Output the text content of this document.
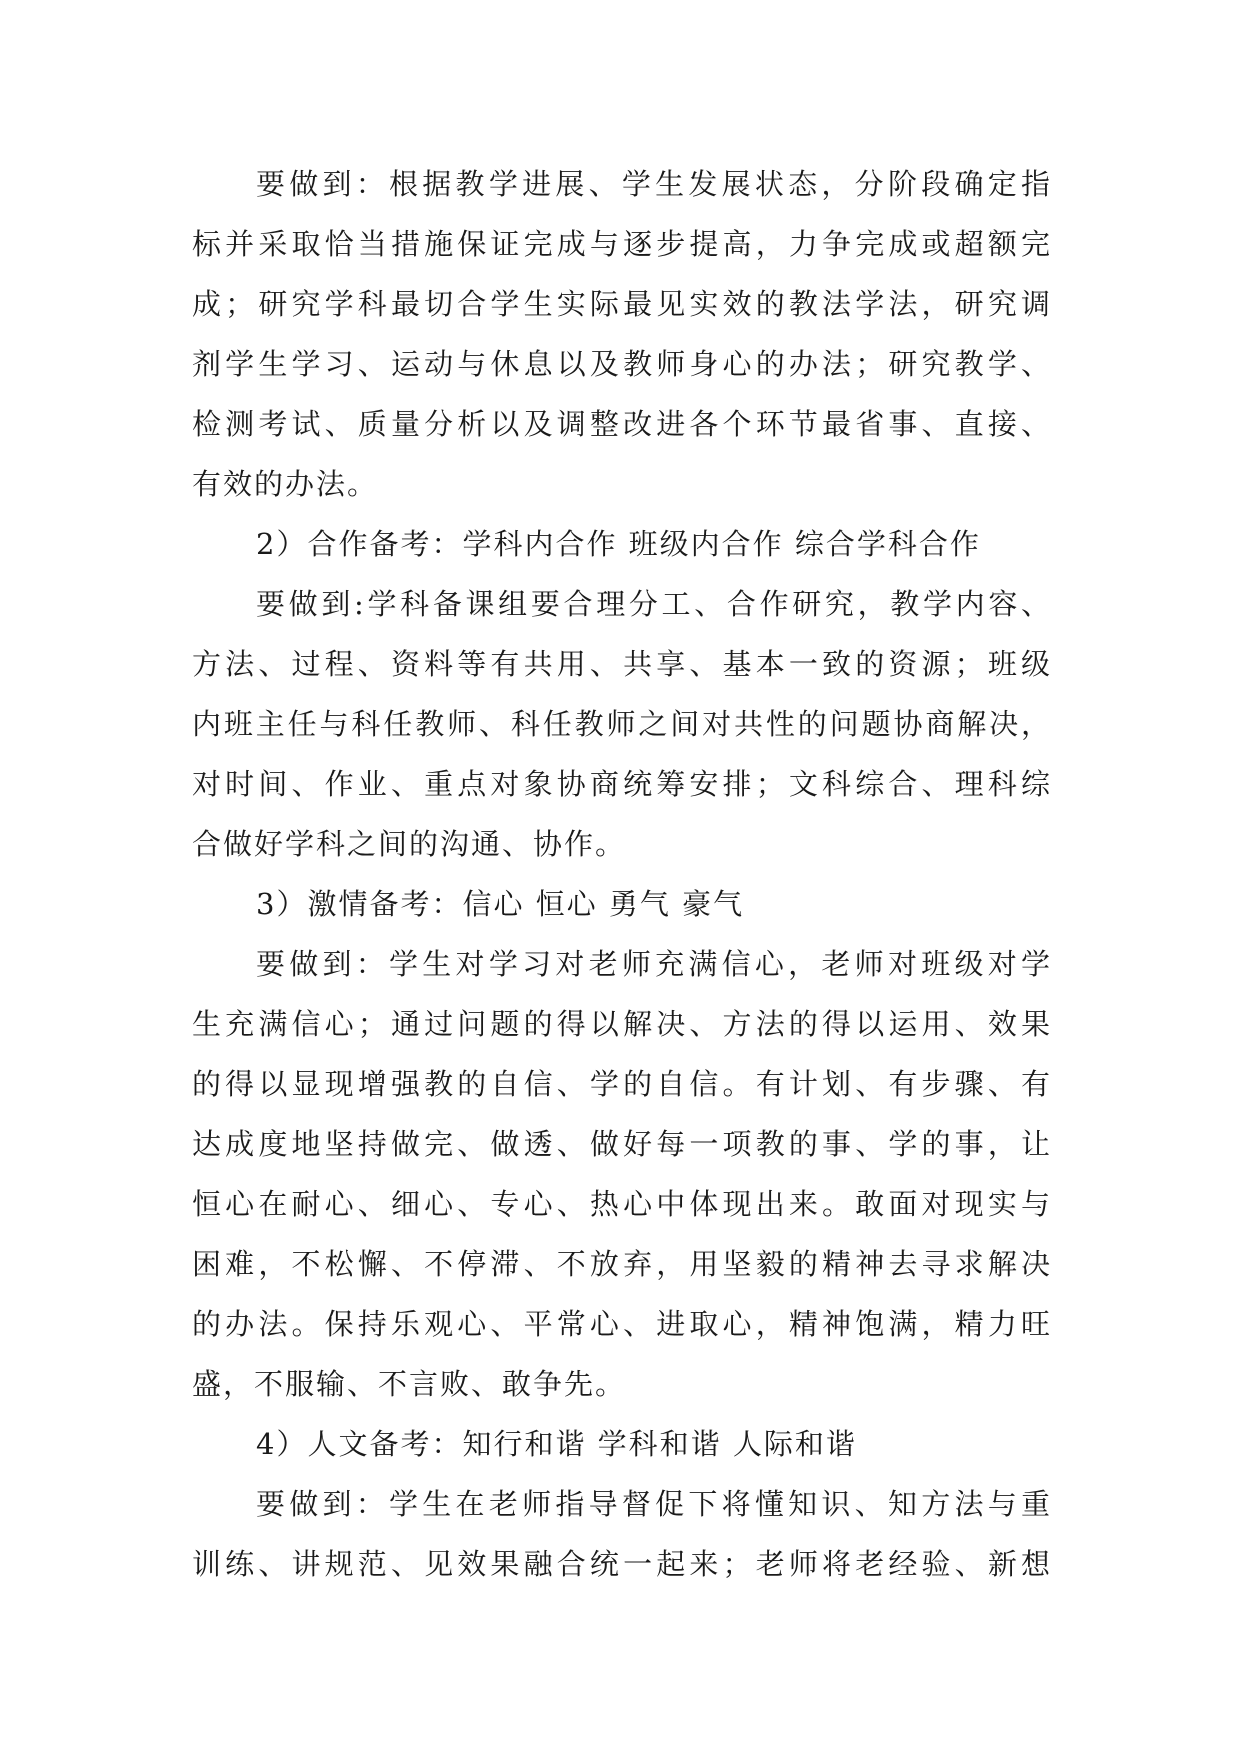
要做到：根据教学进展、学生发展状态，分阶段确定指
标并采取恰当措施保证完成与逐步提高，力争完成或超额完
成；研究学科最切合学生实际最见实效的教法学法，研究调
剂学生学习、运动与休息以及教师身心的办法；研究教学、
检测考试、质量分析以及调整改进各个环节最省事、直接、
有效的办法。
2）合作备考：学科内合作 班级内合作 综合学科合作
要做到:学科备课组要合理分工、合作研究，教学内容、
方法、过程、资料等有共用、共享、基本一致的资源；班级
内班主任与科任教师、科任教师之间对共性的问题协商解决，
对时间、作业、重点对象协商统筹安排；文科综合、理科综
合做好学科之间的沟通、协作。
3）激情备考：信心 恒心 勇气 豪气
要做到：学生对学习对老师充满信心，老师对班级对学
生充满信心；通过问题的得以解决、方法的得以运用、效果
的得以显现增强教的自信、学的自信。有计划、有步骤、有
达成度地坚持做完、做透、做好每一项教的事、学的事，让
恒心在耐心、细心、专心、热心中体现出来。敢面对现实与
困难，不松懈、不停滞、不放弃，用坚毅的精神去寻求解决
的办法。保持乐观心、平常心、进取心，精神饱满，精力旺
盛，不服输、不言败、敢争先。
4）人文备考：知行和谐 学科和谐 人际和谐
要做到：学生在老师指导督促下将懂知识、知方法与重
训练、讲规范、见效果融合统一起来；老师将老经验、新想
